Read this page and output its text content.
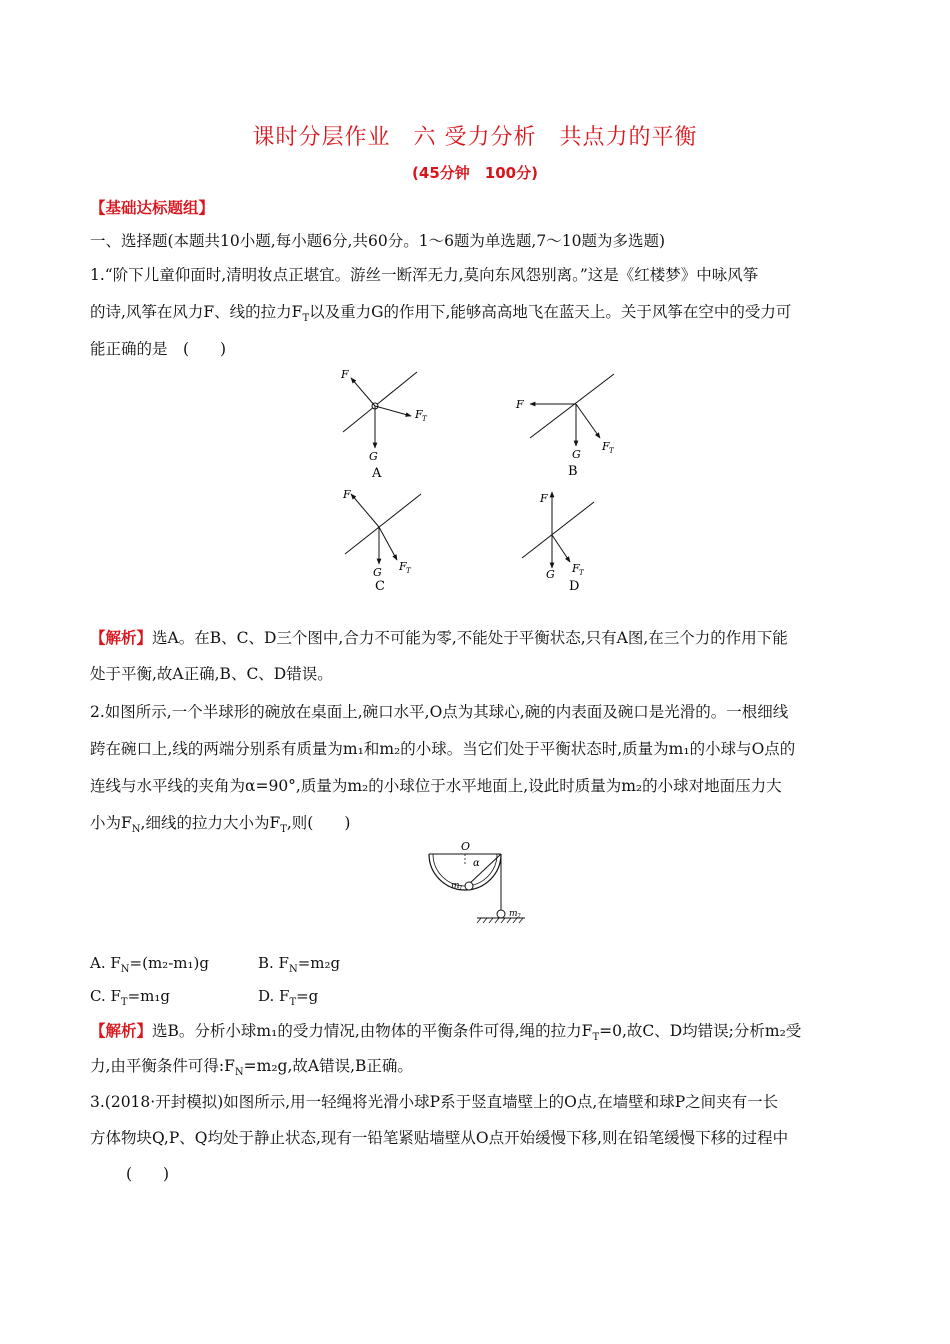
课时分层作业　六 受力分析　共点力的平衡
(45分钟　100分)
【基础达标题组】
一、选择题(本题共10小题,每小题6分,共60分。1～6题为单选题,7～10题为多选题)
1.“阶下儿童仰面时,清明妆点正堪宜。游丝一断浑无力,莫向东风怨别离。”这是《红楼梦》中咏风筝
的诗,风筝在风力F、线的拉力$F_T$以及重力G的作用下,能够高高地飞在蓝天上。关于风筝在空中的受力可
能正确的是　(　　)
F
G
F T
A
F
G
F T
B
F
G F T
C
F
G F T
D
【解析】选A。在B、C、D三个图中,合力不可能为零,不能处于平衡状态,只有A图,在三个力的作用下能
处于平衡,故A正确,B、C、D错误。
2.如图所示,一个半球形的碗放在桌面上,碗口水平,O点为其球心,碗的内表面及碗口是光滑的。一根细线
跨在碗口上,线的两端分别系有质量为m₁和m₂的小球。当它们处于平衡状态时,质量为m₁的小球与O点的
连线与水平线的夹角为α=90°,质量为m₂的小球位于水平地面上,设此时质量为m₂的小球对地面压力大
小为$F_N$,细线的拉力大小为$F_T$,则(　　)
O
α
m 1
m 2
A. $F_N=(m_2-m_1)g$	B. $F_N=m_2g$
C. $F_T=m_1g$	D. $F_T=g$
【解析】选B。分析小球m₁的受力情况,由物体的平衡条件可得,绳的拉力$F_T=0$,故C、D均错误;分析m₂受
力,由平衡条件可得$:F_N=m_2g$,故A错误,B正确。
3.(2018·开封模拟)如图所示,用一轻绳将光滑小球P系于竖直墙壁上的O点,在墙壁和球P之间夹有一长
方体物块Q,P、Q均处于静止状态,现有一铅笔紧贴墙壁从O点开始缓慢下移,则在铅笔缓慢下移的过程中
(　　)
